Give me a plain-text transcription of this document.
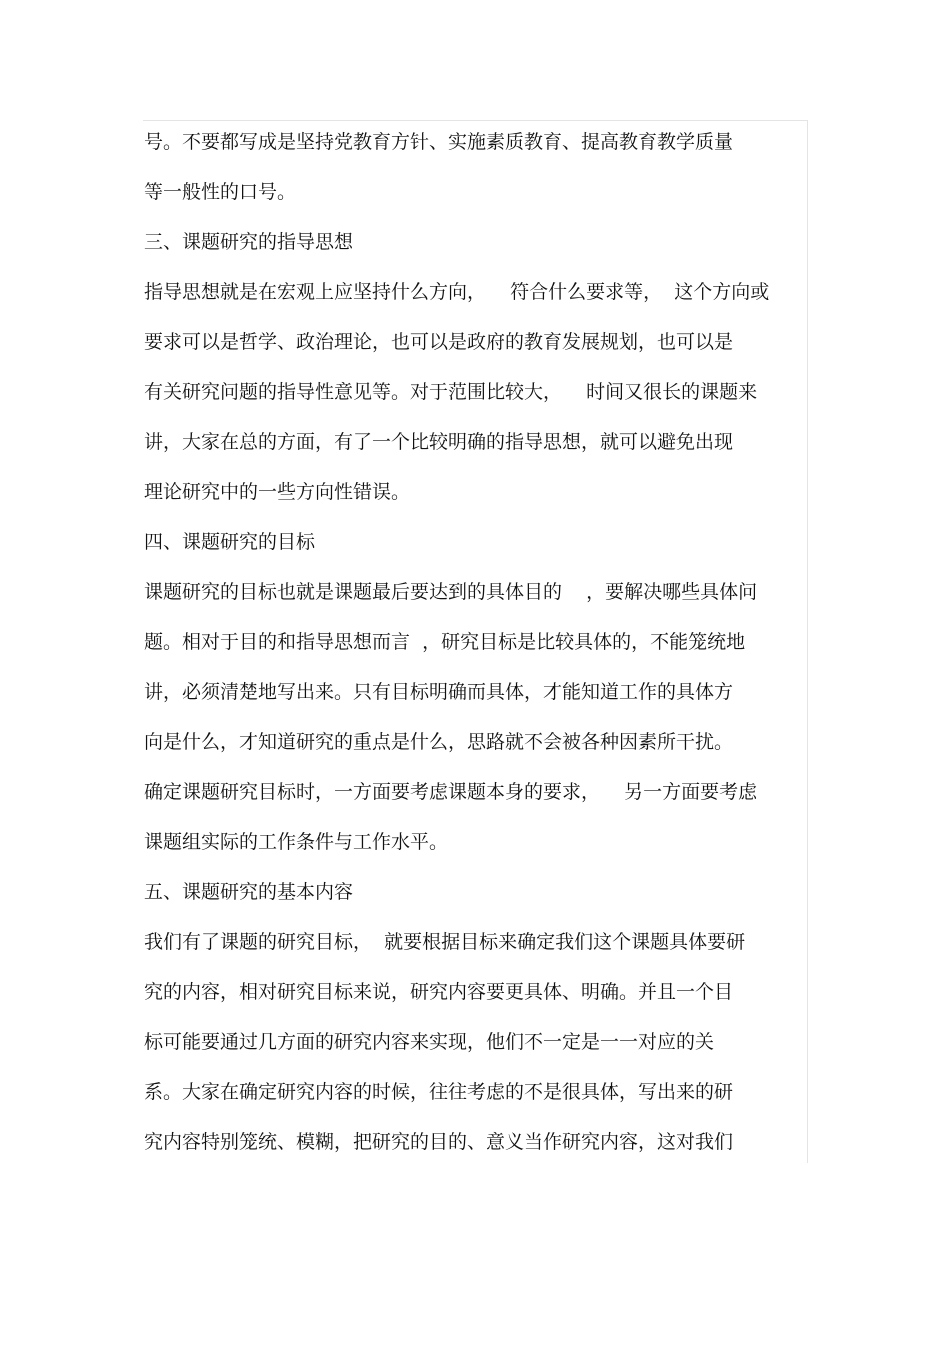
号。不要都写成是坚持党教育方针、实施素质教育、提高教育教学质量

等一般性的口号。

三、课题研究的指导思想

指导思想就是在宏观上应坚持什么方向，    符合什么要求等，  这个方向或

要求可以是哲学、政治理论，也可以是政府的教育发展规划，也可以是

有关研究问题的指导性意见等。对于范围比较大，    时间又很长的课题来

讲，大家在总的方面，有了一个比较明确的指导思想，就可以避免出现

理论研究中的一些方向性错误。

四、课题研究的目标

课题研究的目标也就是课题最后要达到的具体目的    ，要解决哪些具体问

题。相对于目的和指导思想而言  ，研究目标是比较具体的，不能笼统地

讲，必须清楚地写出来。只有目标明确而具体，才能知道工作的具体方

向是什么，才知道研究的重点是什么，思路就不会被各种因素所干扰。

确定课题研究目标时，一方面要考虑课题本身的要求，    另一方面要考虑

课题组实际的工作条件与工作水平。

五、课题研究的基本内容

我们有了课题的研究目标，  就要根据目标来确定我们这个课题具体要研

究的内容，相对研究目标来说，研究内容要更具体、明确。并且一个目

标可能要通过几方面的研究内容来实现，他们不一定是一一对应的关

系。大家在确定研究内容的时候，往往考虑的不是很具体，写出来的研

究内容特别笼统、模糊，把研究的目的、意义当作研究内容，这对我们
